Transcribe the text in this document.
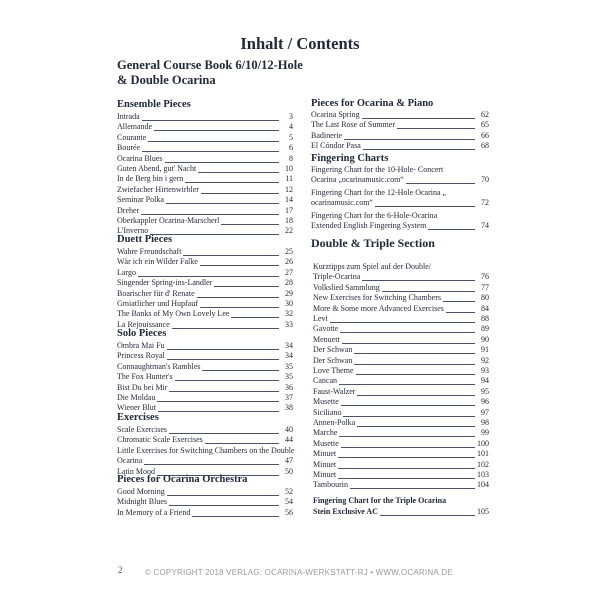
Inhalt / Contents
General Course Book 6/10/12-Hole & Double Ocarina
Ensemble Pieces
Intrada	3
Allemande	4
Courante	5
Bourée	6
Ocarina Blues	8
Guten Abend, gut' Nacht	10
In de Berg bin i gern	11
Zwiefacher Hirtenwirbler	12
Seminar Polka	14
Dreher	17
Oberkappler Ocarina-Marscherl	18
L'Inverno	22
Duett Pieces
Wahre Freundschaft	25
Wär ich ein Wilder Falke	26
Largo	27
Singender Spring-ins-Landler	28
Boarischer für d' Renate	29
Gmiatlicher und Hupfauf	30
The Banks of My Own Lovely Lee	32
La Rejouissance	33
Solo Pieces
Ombra Mai Fu	34
Princess Royal	34
Connaughtman's Rambles	35
The Fox Hunter's	35
Bist Du bei Mir	36
Die Moldau	37
Wiener Blut	38
Exercises
Scale Exercises	40
Chromatic Scale Exercises	44
Little Exercises for Switching Chambers on the Double
Ocarina	47
Latin Mood	50
Pieces for Ocarina Orchestra
Good Morning	52
Midnight Blues	54
In Memory of a Friend	56
Pieces for Ocarina & Piano
Ocarina Spring	62
The Last Rose of Summer	65
Badinerie	66
El Cóndor Pasa	68
Fingering Charts
Fingering Chart for the 10-Hole- Concert
Ocarina „ocarinamusic.com“	70
Fingering Chart for the 12-Hole Ocarina „
ocarinamusic.com“	72
Fingering Chart for the 6-Hole-Ocarina
Extended English Fingering System	74
Double & Triple Section
Kurztipps zum Spiel auf der Double/
Triple-Ocarina	76
Volkslied Sammlung	77
New Exercises for Switching Chambers	80
More & Some more Advanced Exercises	84
Levi	88
Gavotte	89
Menuett	90
Der Schwan	91
Der Schwan	92
Love Theme	93
Cancan	94
Faust-Walzer	95
Musette	96
Siciliano	97
Annen-Polka	98
Marche	99
Musette	100
Minuet	101
Minuet	102
Minuet	103
Tambourin	104
Fingering Chart for the Triple Ocarina
Stein Exclusive AC	105
2	© COPYRIGHT 2018 VERLAG: OCARINA-WERKSTATT-RJ • WWW.OCARINA.DE
